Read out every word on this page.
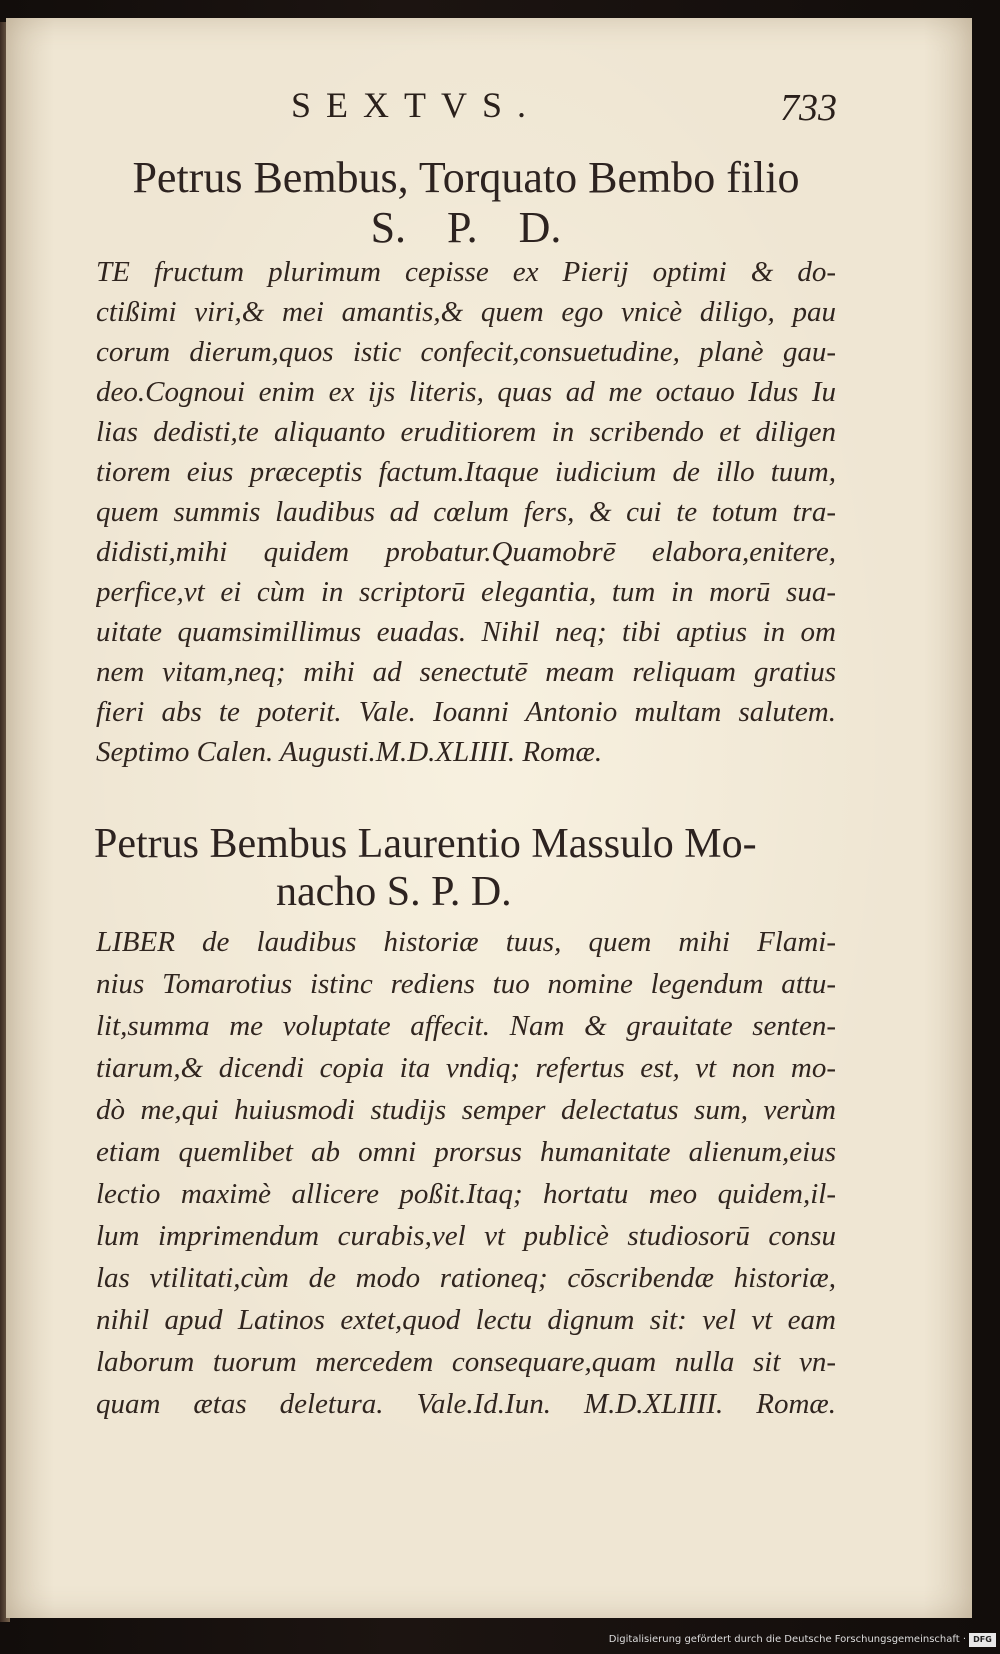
SEXTVS.	733
Petrus Bembus, Torquato Bembo filio
S. P. D.
TE fructum plurimum cepisse ex Pierij optimi & do-
ctißimi viri,& mei amantis,& quem ego vnicè diligo, pau
corum dierum,quos istic confecit,consuetudine, planè gau-
deo.Cognoui enim ex ijs literis, quas ad me octauo Idus Iu
lias dedisti,te aliquanto eruditiorem in scribendo et diligen
tiorem eius præceptis factum.Itaque iudicium de illo tuum,
quem summis laudibus ad cœlum fers, & cui te totum tra-
didisti,mihi quidem probatur.Quamobrē elabora,enitere,
perfice,vt ei cùm in scriptorū elegantia, tum in morū sua-
uitate quamsimillimus euadas. Nihil neq; tibi aptius in om
nem vitam,neq; mihi ad senectutē meam reliquam gratius
fieri abs te poterit. Vale. Ioanni Antonio multam salutem.
Septimo Calen. Augusti.M.D.XLIIII. Romæ.
Petrus Bembus Laurentio Massulo Mo-
nacho S. P. D.
LIBER de laudibus historiæ tuus, quem mihi Flami-
nius Tomarotius istinc rediens tuo nomine legendum attu-
lit,summa me voluptate affecit. Nam & grauitate senten-
tiarum,& dicendi copia ita vndiq; refertus est, vt non mo-
dò me,qui huiusmodi studijs semper delectatus sum, verùm
etiam quemlibet ab omni prorsus humanitate alienum,eius
lectio maximè allicere poßit.Itaq; hortatu meo quidem,il-
lum imprimendum curabis,vel vt publicè studiosorū consu
las vtilitati,cùm de modo rationeq; cōscribendæ historiæ,
nihil apud Latinos extet,quod lectu dignum sit: vel vt eam
laborum tuorum mercedem consequare,quam nulla sit vn-
quam ætas deletura. Vale.Id.Iun. M.D.XLIIII. Romæ.
Digitalisierung gefördert durch die Deutsche Forschungsgemeinschaft · DFG
